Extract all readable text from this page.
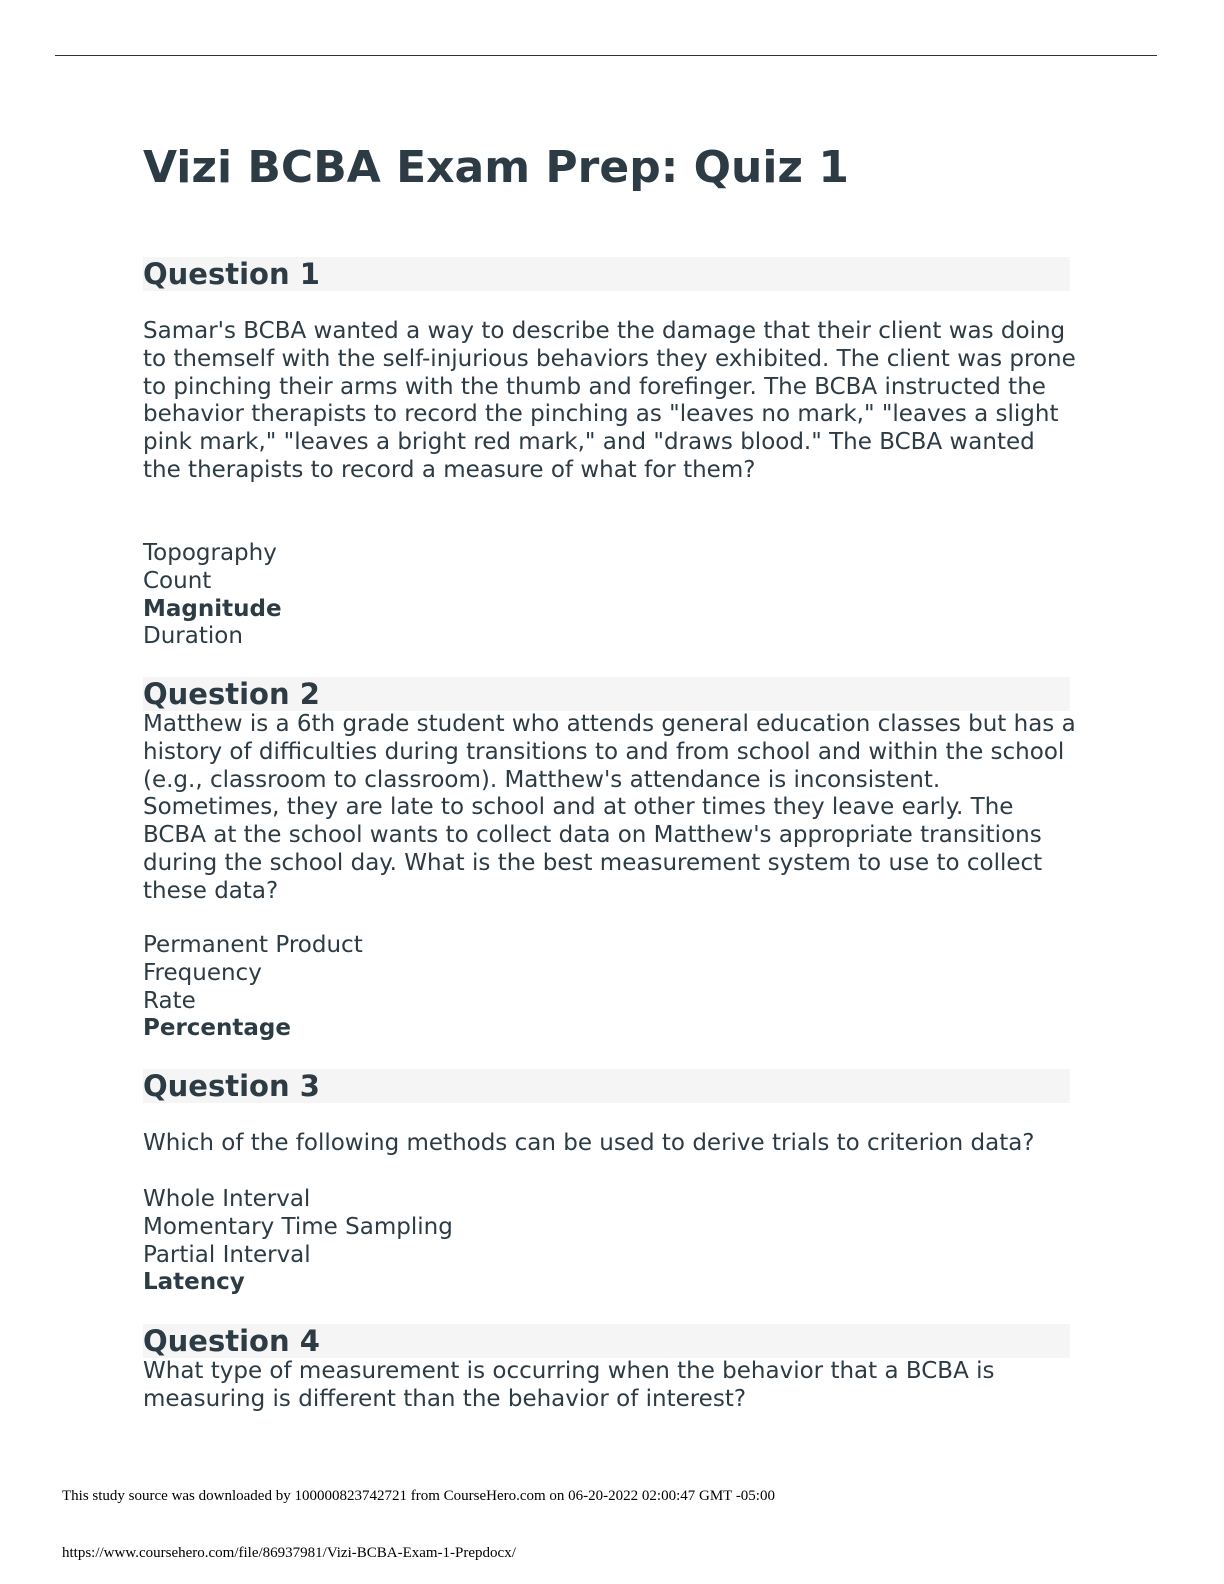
Vizi BCBA Exam Prep: Quiz 1
Question 1

Samar's BCBA wanted a way to describe the damage that their client was doing to themself with the self-injurious behaviors they exhibited. The client was prone to pinching their arms with the thumb and forefinger. The BCBA instructed the behavior therapists to record the pinching as "leaves no mark," "leaves a slight pink mark," "leaves a bright red mark," and "draws blood." The BCBA wanted the therapists to record a measure of what for them?

Topography
Count
Magnitude
Duration
Question 2

Matthew is a 6th grade student who attends general education classes but has a history of difficulties during transitions to and from school and within the school (e.g., classroom to classroom). Matthew's attendance is inconsistent. Sometimes, they are late to school and at other times they leave early. The BCBA at the school wants to collect data on Matthew's appropriate transitions during the school day. What is the best measurement system to use to collect these data?

Permanent Product
Frequency
Rate
Percentage
Question 3

Which of the following methods can be used to derive trials to criterion data?

Whole Interval
Momentary Time Sampling
Partial Interval
Latency
Question 4

What type of measurement is occurring when the behavior that a BCBA is measuring is different than the behavior of interest?

This study source was downloaded by 100000823742721 from CourseHero.com on 06-20-2022 02:00:47 GMT -05:00

https://www.coursehero.com/file/86937981/Vizi-BCBA-Exam-1-Prepdocx/
